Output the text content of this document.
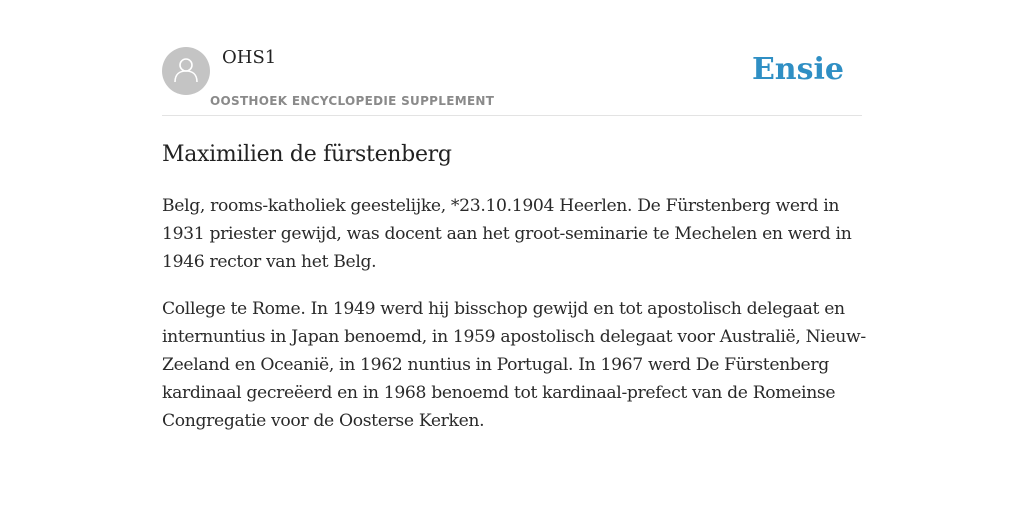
OHS1
OOSTHOEK ENCYCLOPEDIE SUPPLEMENT
Ensie
Maximilien de fürstenberg

Belg, rooms-katholiek geestelijke, *23.10.1904 Heerlen. De Fürstenberg werd in 1931 priester gewijd, was docent aan het groot-seminarie te Mechelen en werd in 1946 rector van het Belg.

College te Rome. In 1949 werd hij bisschop gewijd en tot apostolisch delegaat en internuntius in Japan benoemd, in 1959 apostolisch delegaat voor Australië, Nieuw-Zeeland en Oceanië, in 1962 nuntius in Portugal. In 1967 werd De Fürstenberg kardinaal gecreëerd en in 1968 benoemd tot kardinaal-prefect van de Romeinse Congregatie voor de Oosterse Kerken.
